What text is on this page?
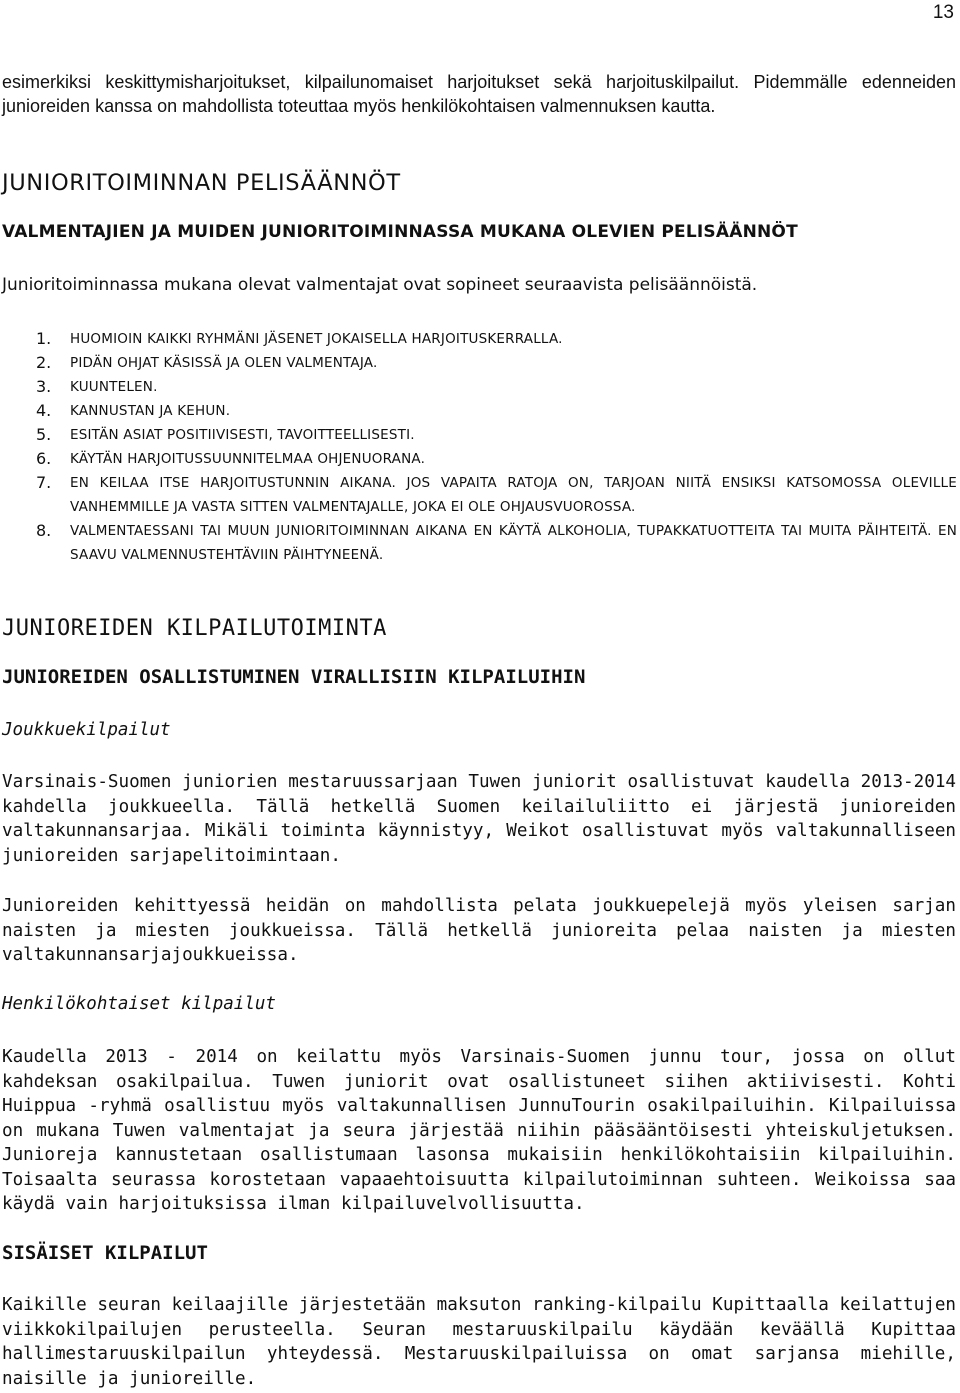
13
esimerkiksi keskittymisharjoitukset, kilpailunomaiset harjoitukset sekä harjoituskilpailut. Pidemmälle edenneiden junioreiden kanssa on mahdollista toteuttaa myös henkilökohtaisen valmennuksen kautta.
JUNIORITOIMINNAN PELISÄÄNNÖT
VALMENTAJIEN JA MUIDEN JUNIORITOIMINNASSA MUKANA OLEVIEN PELISÄÄNNÖT
Junioritoiminnassa mukana olevat valmentajat ovat sopineet seuraavista pelisäännöistä.
1.	HUOMIOIN KAIKKI RYHMÄNI JÄSENET JOKAISELLA HARJOITUSKERRALLA.
2.	PIDÄN OHJAT KÄSISSÄ JA OLEN VALMENTAJA.
3.	KUUNTELEN.
4.	KANNUSTAN JA KEHUN.
5.	ESITÄN ASIAT POSITIIVISESTI, TAVOITTEELLISESTI.
6.	KÄYTÄN HARJOITUSSUUNNITELMAA OHJENUORANA.
7.	EN KEILAA ITSE HARJOITUSTUNNIN AIKANA. JOS VAPAITA RATOJA ON, TARJOAN NIITÄ ENSIKSI KATSOMOSSA OLEVILLE VANHEMMILLE JA VASTA SITTEN VALMENTAJALLE, JOKA EI OLE OHJAUSVUOROSSA.
8.	VALMENTAESSANI TAI MUUN JUNIORITOIMINNAN AIKANA EN KÄYTÄ ALKOHOLIA, TUPAKKATUOTTEITA TAI MUITA PÄIHTEITÄ. EN SAAVU VALMENNUSTEHTÄVIIN PÄIHTYNEENÄ.
JUNIOREIDEN KILPAILUTOIMINTA
JUNIOREIDEN OSALLISTUMINEN VIRALLISIIN KILPAILUIHIN
Joukkuekilpailut
Varsinais-Suomen juniorien mestaruussarjaan Tuwen juniorit osallistuvat kaudella 2013-2014 kahdella joukkueella. Tällä hetkellä Suomen keilailuliitto ei järjestä junioreiden valtakunnansarjaa. Mikäli toiminta käynnistyy, Weikot osallistuvat myös valtakunnalliseen junioreiden sarjapelitoimintaan.
Junioreiden kehittyessä heidän on mahdollista pelata joukkuepelejä myös yleisen sarjan naisten ja miesten joukkueissa. Tällä hetkellä junioreita pelaa naisten ja miesten valtakunnansarjajoukkueissa.
Henkilökohtaiset kilpailut
Kaudella 2013 - 2014 on keilattu myös Varsinais-Suomen junnu tour, jossa on ollut kahdeksan osakilpailua. Tuwen juniorit ovat osallistuneet siihen aktiivisesti. Kohti Huippua -ryhmä osallistuu myös valtakunnallisen JunnuTourin osakilpailuihin. Kilpailuissa on mukana Tuwen valmentajat ja seura järjestää niihin pääsääntöisesti yhteiskuljetuksen. Junioreja kannustetaan osallistumaan lasonsa mukaisiin henkilökohtaisiin kilpailuihin. Toisaalta seurassa korostetaan vapaaehtoisuutta kilpailutoiminnan suhteen. Weikoissa saa käydä vain harjoituksissa ilman kilpailuvelvollisuutta.
SISÄISET KILPAILUT
Kaikille seuran keilaajille järjestetään maksuton ranking-kilpailu Kupittaalla keilattujen viikkokilpailujen perusteella. Seuran mestaruuskilpailu käydään keväällä Kupittaa hallimestaruuskilpailun yhteydessä. Mestaruuskilpailuissa on omat sarjansa miehille, naisille ja junioreille.
